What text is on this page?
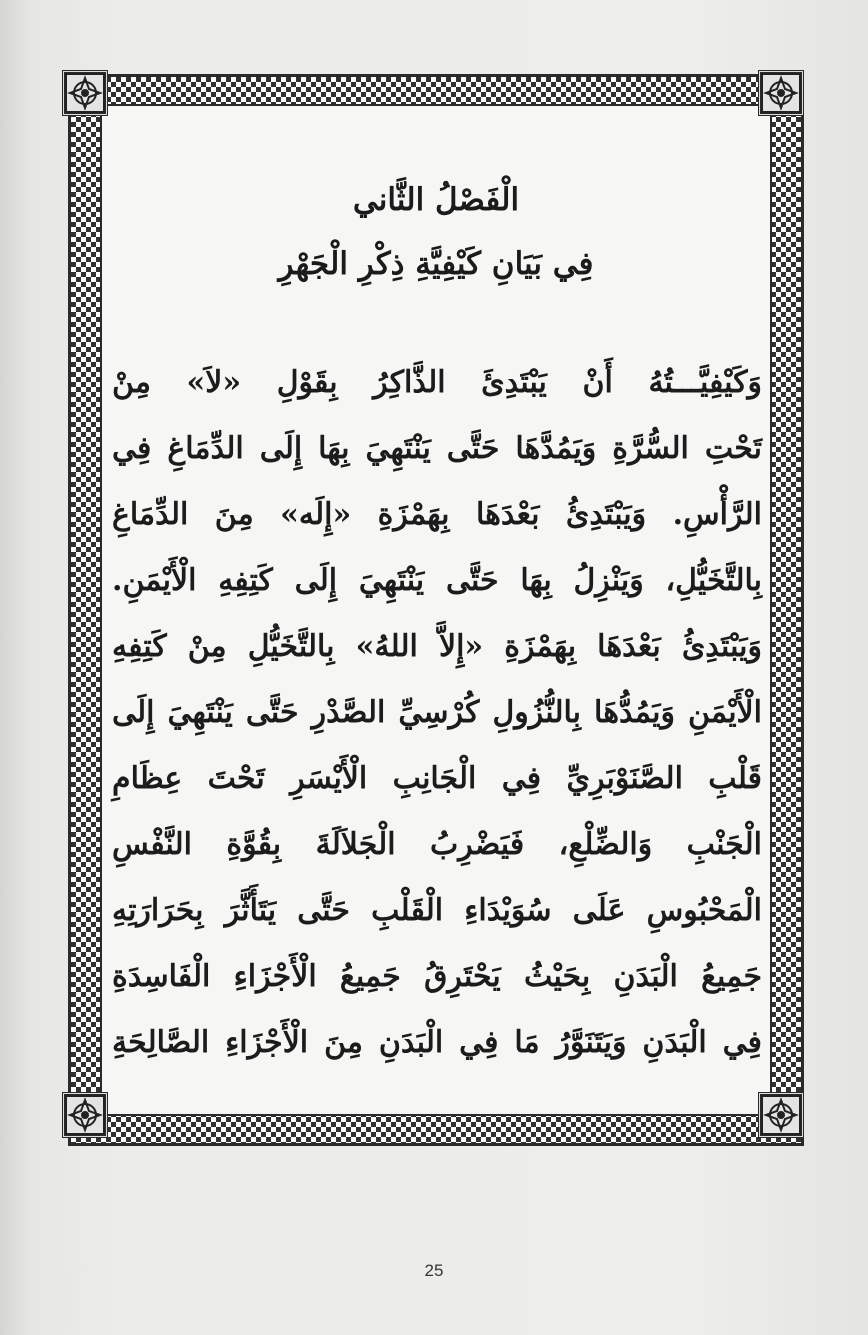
الْفَصْلُ الثَّاني
فِي بَيَانِ كَيْفِيَّةِ ذِكْرِ الْجَهْرِ
وَكَيْفِيَّـــتُهُ أَنْ يَبْتَدِئَ الذَّاكِرُ بِقَوْلِ «لاَ» مِنْ
تَحْتِ السُّرَّةِ وَيَمُدَّهَا حَتَّى يَنْتَهِيَ بِهَا إِلَى الدِّمَاغِ فِي
الرَّأْسِ. وَيَبْتَدِئُ بَعْدَهَا بِهَمْزَةِ «إِلَه» مِنَ الدِّمَاغِ
بِالتَّخَيُّلِ، وَيَنْزِلُ بِهَا حَتَّى يَنْتَهِيَ إِلَى كَتِفِهِ الْأَيْمَنِ.
وَيَبْتَدِئُ بَعْدَهَا بِهَمْزَةِ «إِلاَّ اللهُ» بِالتَّخَيُّلِ مِنْ كَتِفِهِ
الْأَيْمَنِ وَيَمُدُّهَا بِالنُّزُولِ كُرْسِيِّ الصَّدْرِ حَتَّى يَنْتَهِيَ إِلَى
قَلْبِ الصَّنَوْبَرِيِّ فِي الْجَانِبِ الْأَيْسَرِ تَحْتَ عِظَامِ
الْجَنْبِ وَالضِّلْعِ، فَيَضْرِبُ الْجَلاَلَةَ بِقُوَّةِ النَّفْسِ
الْمَحْبُوسِ عَلَى سُوَيْدَاءِ الْقَلْبِ حَتَّى يَتَأَثَّرَ بِحَرَارَتِهِ
جَمِيعُ الْبَدَنِ بِحَيْثُ يَحْتَرِقُ جَمِيعُ الْأَجْزَاءِ الْفَاسِدَةِ
فِي الْبَدَنِ وَيَتَنَوَّرُ مَا فِي الْبَدَنِ مِنَ الْأَجْزَاءِ الصَّالِحَةِ
25
